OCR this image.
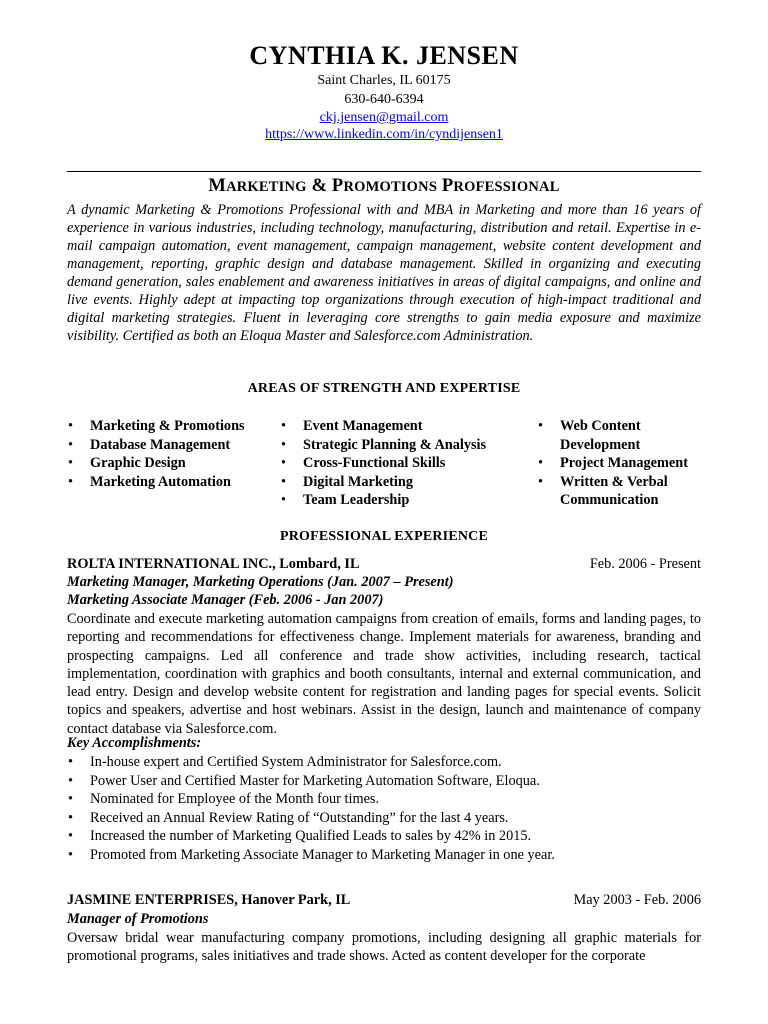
CYNTHIA K. JENSEN
Saint Charles, IL 60175
630-640-6394
ckj.jensen@gmail.com
https://www.linkedin.com/in/cyndijensen1
MARKETING & PROMOTIONS PROFESSIONAL

A dynamic Marketing & Promotions Professional with and MBA in Marketing and more than 16 years of experience in various industries, including technology, manufacturing, distribution and retail. Expertise in e-mail campaign automation, event management, campaign management, website content development and management, reporting, graphic design and database management. Skilled in organizing and executing demand generation, sales enablement and awareness initiatives in areas of digital campaigns, and online and live events. Highly adept at impacting top organizations through execution of high-impact traditional and digital marketing strategies. Fluent in leveraging core strengths to gain media exposure and maximize visibility. Certified as both an Eloqua Master and Salesforce.com Administration.

AREAS OF STRENGTH AND EXPERTISE
• Marketing & Promotions
• Database Management
• Graphic Design
• Marketing Automation
• Event Management
• Strategic Planning & Analysis
• Cross-Functional Skills
• Digital Marketing
• Team Leadership
• Web Content Development
• Project Management
• Written & Verbal Communication
PROFESSIONAL EXPERIENCE
ROLTA INTERNATIONAL INC., Lombard, IL	Feb. 2006 - Present
Marketing Manager, Marketing Operations (Jan. 2007 – Present)
Marketing Associate Manager (Feb. 2006 - Jan 2007)

Coordinate and execute marketing automation campaigns from creation of emails, forms and landing pages, to reporting and recommendations for effectiveness change. Implement materials for awareness, branding and prospecting campaigns. Led all conference and trade show activities, including research, tactical implementation, coordination with graphics and booth consultants, internal and external communication, and lead entry. Design and develop website content for registration and landing pages for special events. Solicit topics and speakers, advertise and host webinars. Assist in the design, launch and maintenance of company contact database via Salesforce.com.

Key Accomplishments:
• In-house expert and Certified System Administrator for Salesforce.com.
• Power User and Certified Master for Marketing Automation Software, Eloqua.
• Nominated for Employee of the Month four times.
• Received an Annual Review Rating of “Outstanding” for the last 4 years.
• Increased the number of Marketing Qualified Leads to sales by 42% in 2015.
• Promoted from Marketing Associate Manager to Marketing Manager in one year.
JASMINE ENTERPRISES, Hanover Park, IL	May 2003 - Feb. 2006
Manager of Promotions

Oversaw bridal wear manufacturing company promotions, including designing all graphic materials for promotional programs, sales initiatives and trade shows. Acted as content developer for the corporate
